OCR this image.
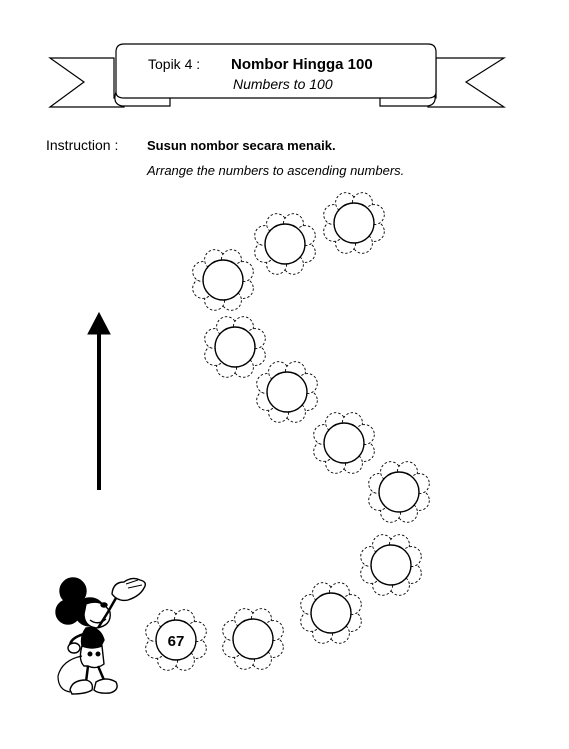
Topik 4 : Nombor Hingga 100
Numbers to 100
Instruction : Susun nombor secara menaik.
Arrange the numbers to ascending numbers.
67
